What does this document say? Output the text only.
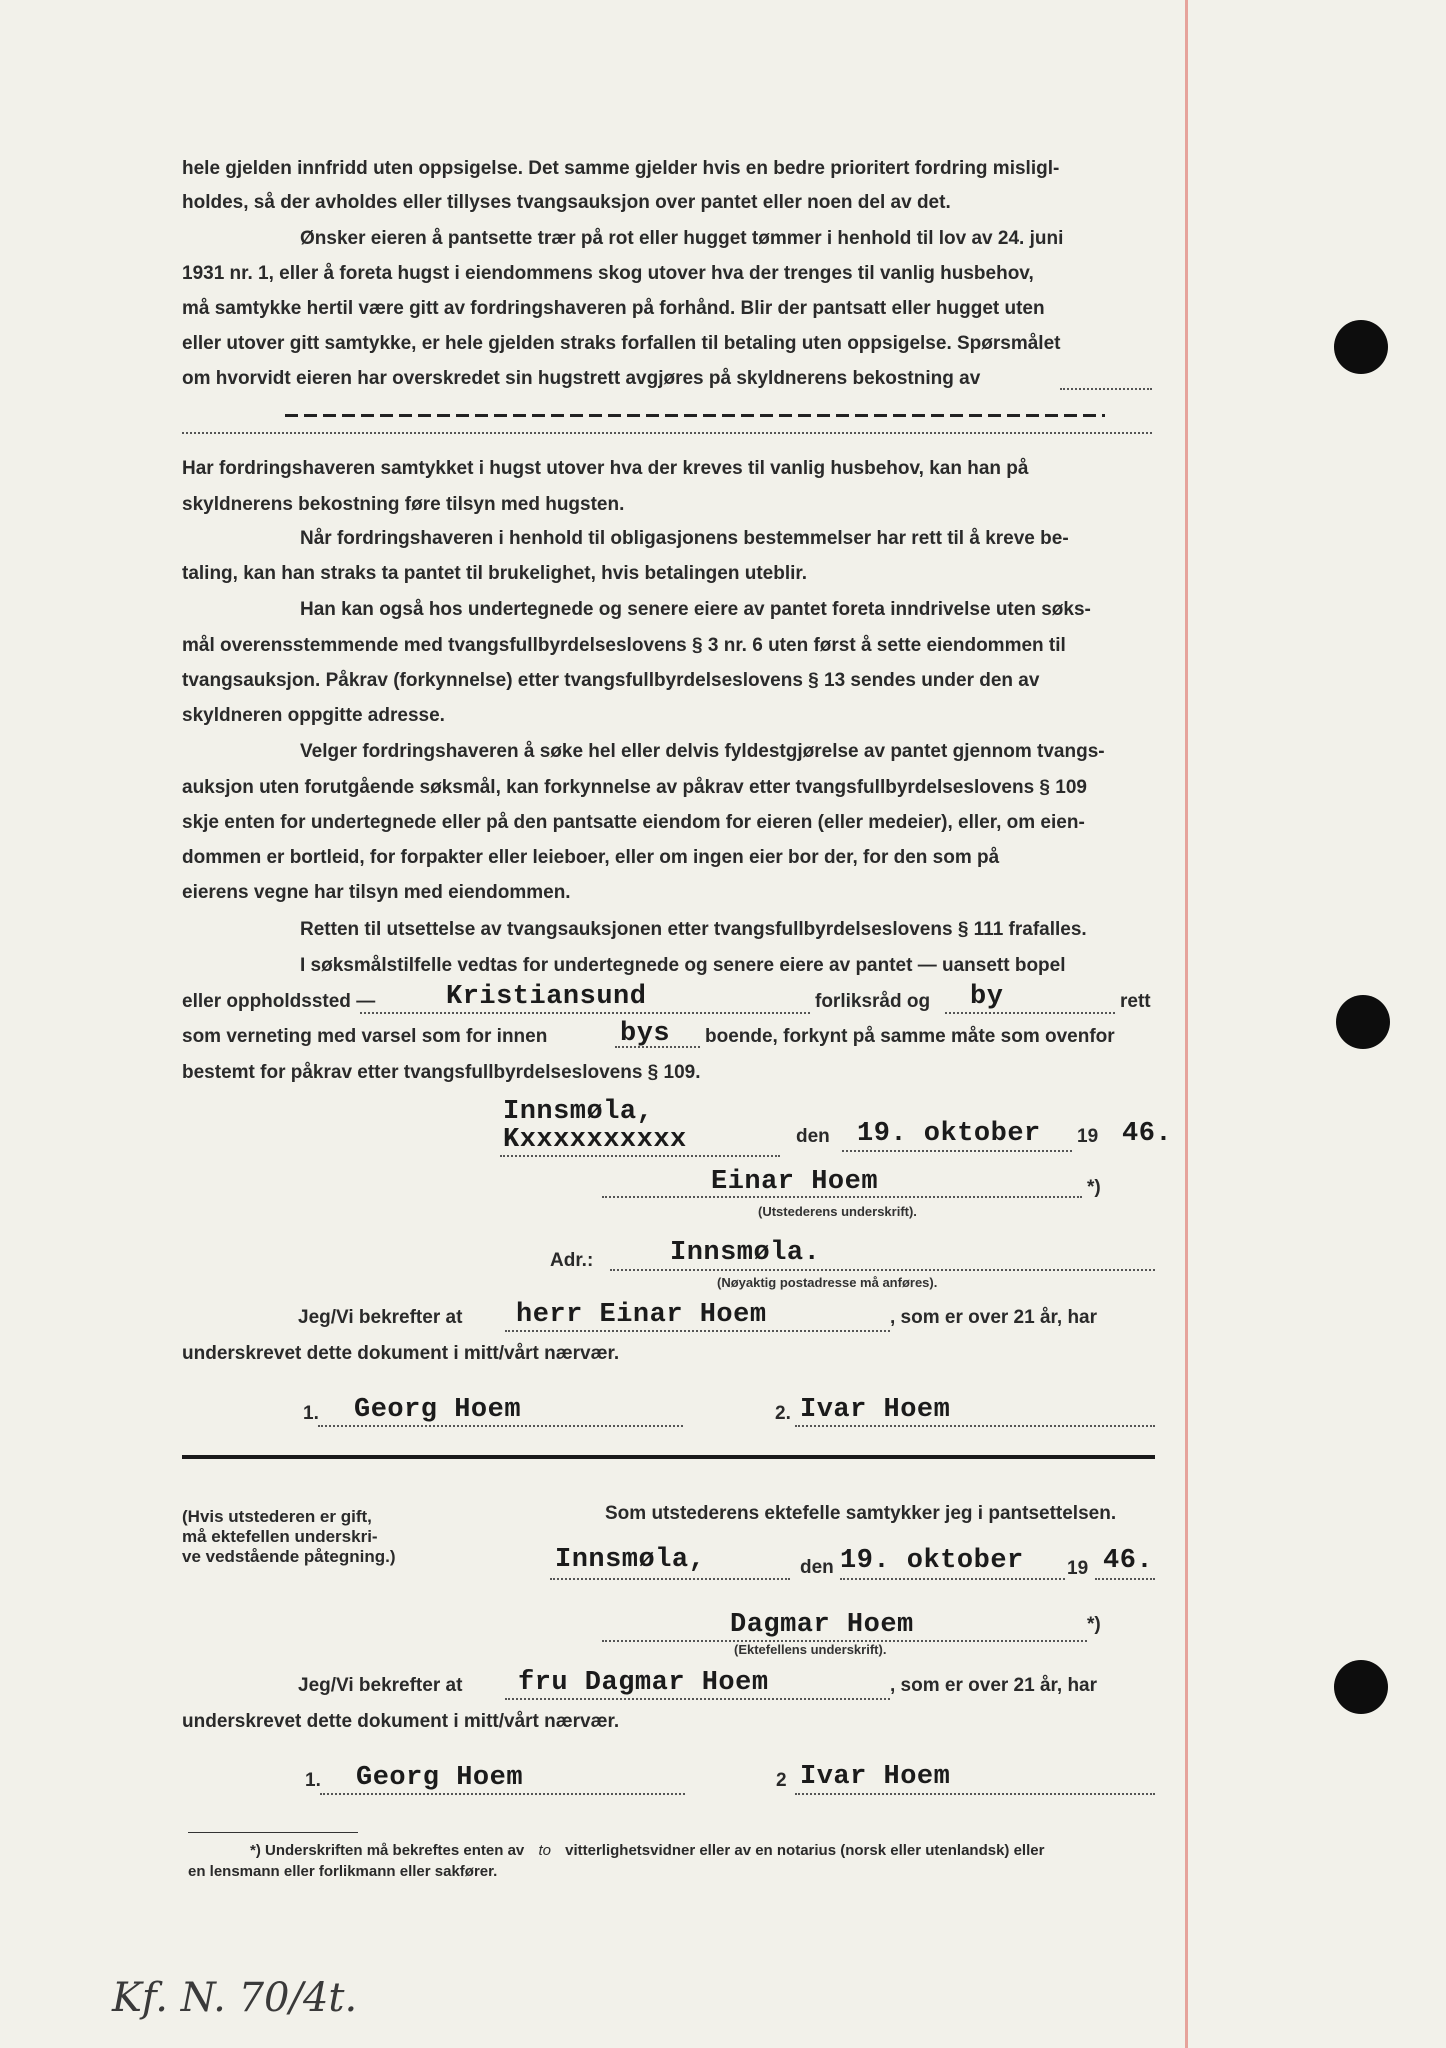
hele gjelden innfridd uten oppsigelse. Det samme gjelder hvis en bedre prioritert fordring misligl-
holdes, så der avholdes eller tillyses tvangsauksjon over pantet eller noen del av det.
Ønsker eieren å pantsette trær på rot eller hugget tømmer i henhold til lov av 24. juni
1931 nr. 1, eller å foreta hugst i eiendommens skog utover hva der trenges til vanlig husbehov,
må samtykke hertil være gitt av fordringshaveren på forhånd. Blir der pantsatt eller hugget uten
eller utover gitt samtykke, er hele gjelden straks forfallen til betaling uten oppsigelse. Spørsmålet
om hvorvidt eieren har overskredet sin hugstrett avgjøres på skyldnerens bekostning av
Har fordringshaveren samtykket i hugst utover hva der kreves til vanlig husbehov, kan han på
skyldnerens bekostning føre tilsyn med hugsten.
Når fordringshaveren i henhold til obligasjonens bestemmelser har rett til å kreve be-
taling, kan han straks ta pantet til brukelighet, hvis betalingen uteblir.
Han kan også hos undertegnede og senere eiere av pantet foreta inndrivelse uten søks-
mål overensstemmende med tvangsfullbyrdelseslovens § 3 nr. 6 uten først å sette eiendommen til
tvangsauksjon. Påkrav (forkynnelse) etter tvangsfullbyrdelseslovens § 13 sendes under den av
skyldneren oppgitte adresse.
Velger fordringshaveren å søke hel eller delvis fyldestgjørelse av pantet gjennom tvangs-
auksjon uten forutgående søksmål, kan forkynnelse av påkrav etter tvangsfullbyrdelseslovens § 109
skje enten for undertegnede eller på den pantsatte eiendom for eieren (eller medeier), eller, om eien-
dommen er bortleid, for forpakter eller leieboer, eller om ingen eier bor der, for den som på
eierens vegne har tilsyn med eiendommen.
Retten til utsettelse av tvangsauksjonen etter tvangsfullbyrdelseslovens § 111 frafalles.
I søksmålstilfelle vedtas for undertegnede og senere eiere av pantet — uansett bopel
eller oppholdssted —	Kristiansund	forliksråd og by	rett
som verneting med varsel som for innen	bys boende, forkynt på samme måte som ovenfor
bestemt for påkrav etter tvangsfullbyrdelseslovens § 109.
Innsmøla,
Kxxxxxxxxxx	den 19. oktober 19 46.
Einar Hoem	*)
(Utstederens underskrift).
Adr.:	Innsmøla.
(Nøyaktig postadresse må anføres).
Jeg/Vi bekrefter at herr Einar Hoem	, som er over 21 år, har
underskrevet dette dokument i mitt/vårt nærvær.
1. Georg Hoem	2. Ivar Hoem
(Hvis utstederen er gift,
må ektefellen underskri-
ve vedstående påtegning.)
Som utstederens ektefelle samtykker jeg i pantsettelsen.
Innsmøla,	den 19. oktober 19 46.
Dagmar Hoem	*)
(Ektefellens underskrift).
Jeg/Vi bekrefter at fru Dagmar Hoem	, som er over 21 år, har
underskrevet dette dokument i mitt/vårt nærvær.
1. Georg Hoem	2 Ivar Hoem
*) Underskriften må bekreftes enten av to vitterlighetsvidner eller av en notarius (norsk eller utenlandsk) eller
en lensmann eller forlikmann eller sakfører.
Kf. N. 70/4t.
